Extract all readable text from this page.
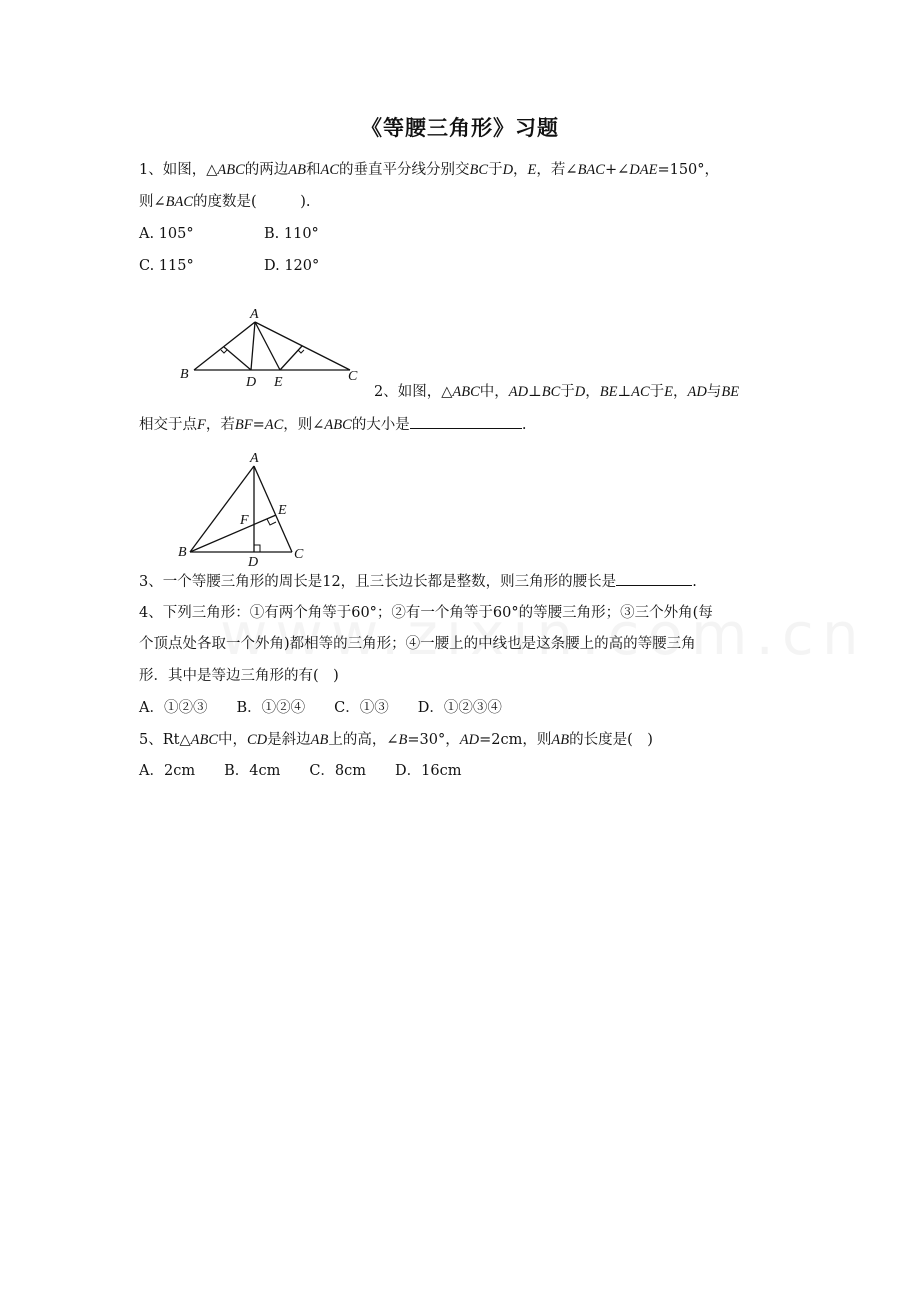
《等腰三角形》习题
1、如图，△ABC的两边AB和AC的垂直平分线分别交BC于D，E，若∠BAC+∠DAE=150°，
则∠BAC的度数是(　　　).
A. 105°	B. 110°
C. 115°	D. 120°
A
B	C
D E
2、如图，△ABC中，AD⊥BC于D，BE⊥AC于E，AD与BE
相交于点F，若BF=AC，则∠ABC的大小是	.
A
B	C
D
E
F
3、一个等腰三角形的周长是12，且三长边长都是整数，则三角形的腰长是	.
4、下列三角形：①有两个角等于60°；②有一个角等于60°的等腰三角形；③三个外角(每
个顶点处各取一个外角)都相等的三角形；④一腰上的中线也是这条腰上的高的等腰三角
形．其中是等边三角形的有(　)
A．①②③　　B．①②④　　C．①③　　D．①②③④
5、Rt△ABC中，CD是斜边AB上的高，∠B=30°，AD=2cm，则AB的长度是(　)
A．2cm　　B．4cm　　C．8cm　　D．16cm
